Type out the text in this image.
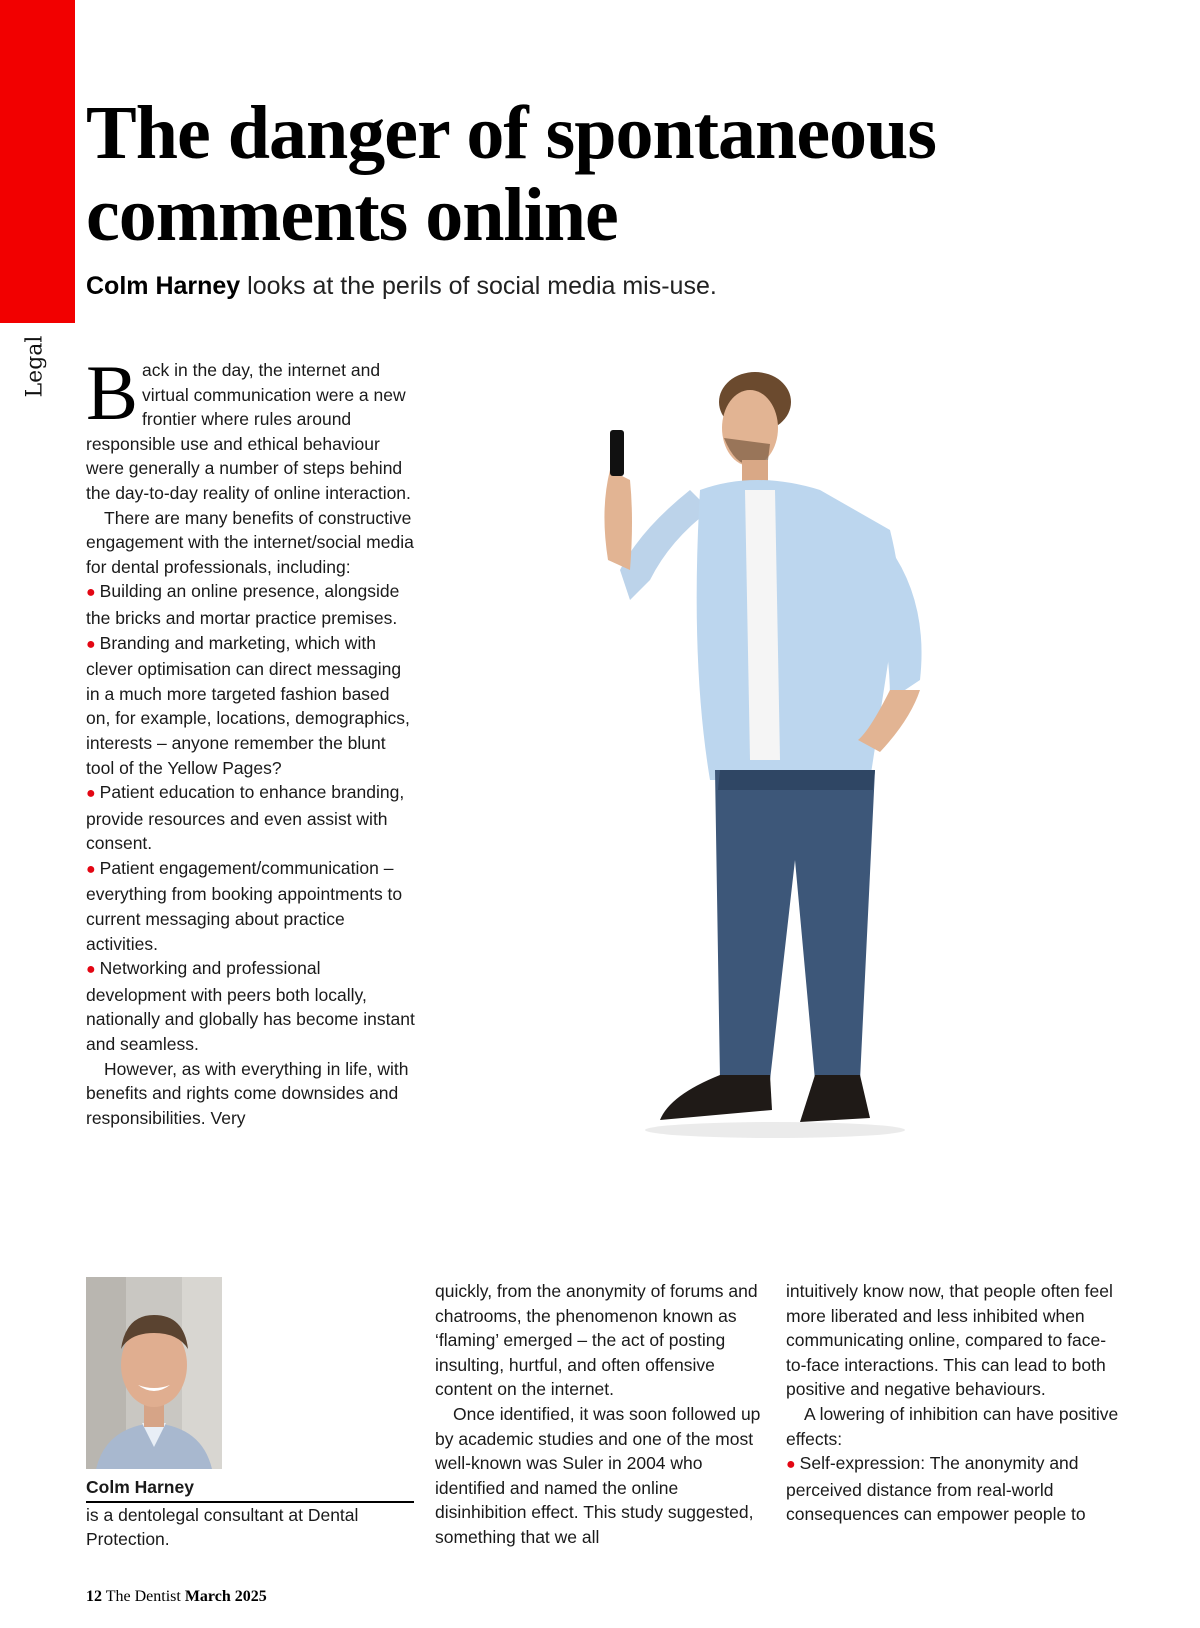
Legal
The danger of spontaneous
comments online
Colm Harney looks at the perils of social media mis-use.

Back in the day, the internet and virtual communication were a new frontier where rules around responsible use and ethical behaviour were generally a number of steps behind the day-to-day reality of online interaction.

There are many benefits of constructive engagement with the internet/social media for dental professionals, including:

● Building an online presence, alongside the bricks and mortar practice premises.

● Branding and marketing, which with clever optimisation can direct messaging in a much more targeted fashion based on, for example, locations, demographics, interests – anyone remember the blunt tool of the Yellow Pages?

● Patient education to enhance branding, provide resources and even assist with consent.

● Patient engagement/communication – everything from booking appointments to current messaging about practice activities.

● Networking and professional development with peers both locally, nationally and globally has become instant and seamless.

However, as with everything in life, with benefits and rights come downsides and responsibilities. Very

Colm Harney
is a dentolegal consultant at Dental Protection.

quickly, from the anonymity of forums and chatrooms, the phenomenon known as ‘flaming’ emerged – the act of posting insulting, hurtful, and often offensive content on the internet.

Once identified, it was soon followed up by academic studies and one of the most well-known was Suler in 2004 who identified and named the online disinhibition effect. This study suggested, something that we all

intuitively know now, that people often feel more liberated and less inhibited when communicating online, compared to face-to-face interactions. This can lead to both positive and negative behaviours.

A lowering of inhibition can have positive effects:

● Self-expression: The anonymity and perceived distance from real-world consequences can empower people to

12 The Dentist March 2025
